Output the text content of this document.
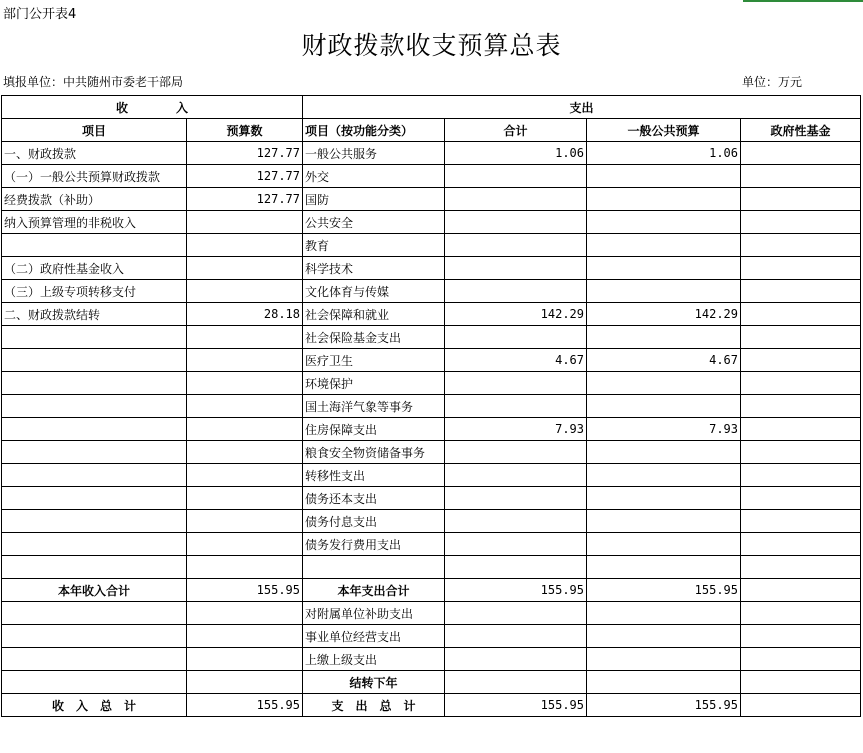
部门公开表4
财政拨款收支预算总表
填报单位：中共随州市委老干部局	单位：万元
收　　　　入		支出			
项目	预算数	项目（按功能分类）	合计	一般公共预算	政府性基金
一、财政拨款	127.77	一般公共服务	1.06	1.06	
（一）一般公共预算财政拨款	127.77	外交			
经费拨款（补助）	127.77	国防			
纳入预算管理的非税收入		公共安全			
		教育			
（二）政府性基金收入		科学技术			
（三）上级专项转移支付		文化体育与传媒			
二、财政拨款结转	28.18	社会保障和就业	142.29	142.29	
		社会保险基金支出			
		医疗卫生	4.67	4.67	
		环境保护			
		国土海洋气象等事务			
		住房保障支出	7.93	7.93	
		粮食安全物资储备事务			
		转移性支出			
		债务还本支出			
		债务付息支出			
		债务发行费用支出			

本年收入合计	155.95	本年支出合计	155.95	155.95	
		对附属单位补助支出			
		事业单位经营支出			
		上缴上级支出			
		结转下年			
收　入　总　计	155.95	支　出　总　计	155.95	155.95	
